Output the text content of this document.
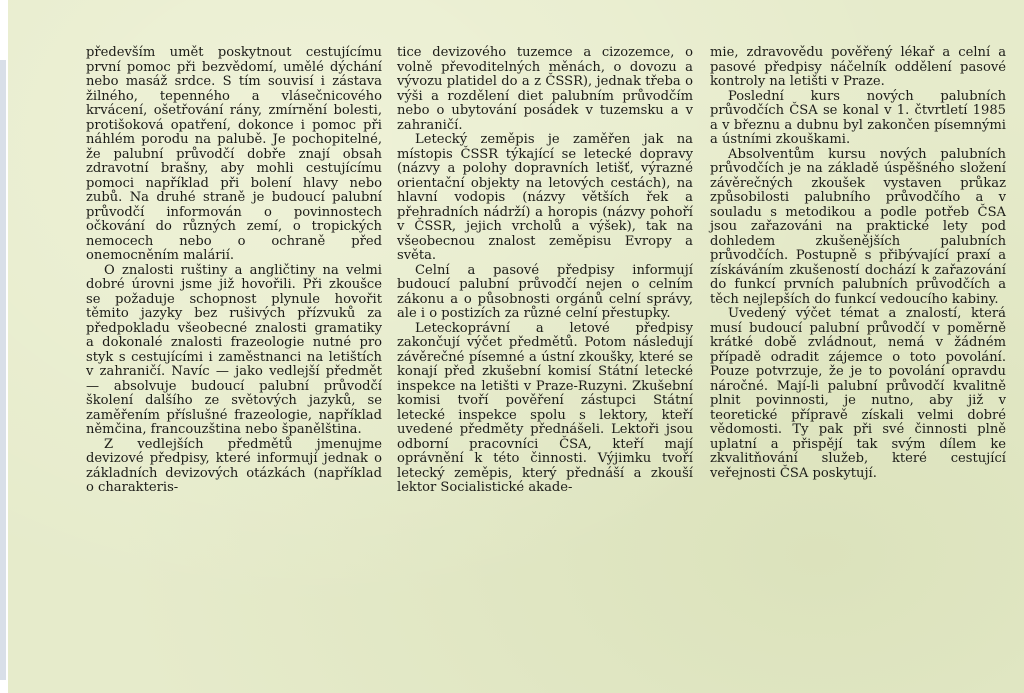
především umět poskytnout cestujícímu první pomoc při bezvědomí, umělé dýchání nebo masáž srdce. S tím souvisí i zástava žilného, tepenného a vlásečnicového krvácení, ošetřování rány, zmírnění bolesti, protišoková opatření, dokonce i pomoc při náhlém porodu na palubě. Je pochopitelné, že palubní průvodčí dobře znají obsah zdravotní brašny, aby mohli cestujícímu pomoci například při bolení hlavy nebo zubů. Na druhé straně je budoucí palubní průvodčí informován o povinnostech očkování do různých zemí, o tropických nemocech nebo o ochraně před onemocněním malárií.

O znalosti ruštiny a angličtiny na velmi dobré úrovni jsme již hovořili. Při zkoušce se požaduje schopnost plynule hovořit těmito jazyky bez rušivých přízvuků za předpokladu všeobecné znalosti gramatiky a dokonalé znalosti frazeologie nutné pro styk s cestujícími i zaměstnanci na letištích v zahraničí. Navíc — jako vedlejší předmět — absolvuje budoucí palubní průvodčí školení dalšího ze světových jazyků, se zaměřením příslušné frazeologie, například němčina, francouzština nebo španělština.

Z vedlejších předmětů jmenujme devizové předpisy, které informují jednak o základních devizových otázkách (například o charakteris-

tice devizového tuzemce a cizozemce, o volně převoditelných měnách, o dovozu a vývozu platidel do a z ČSSR), jednak třeba o výši a rozdělení diet palubním průvodčím nebo o ubytování posádek v tuzemsku a v zahraničí.

Letecký zeměpis je zaměřen jak na místopis ČSSR týkající se letecké dopravy (názvy a polohy dopravních letišť, výrazné orientační objekty na letových cestách), na hlavní vodopis (názvy větších řek a přehradních nádrží) a horopis (názvy pohoří v ČSSR, jejich vrcholů a výšek), tak na všeobecnou znalost zeměpisu Evropy a světa.

Celní a pasové předpisy informují budoucí palubní průvodčí nejen o celním zákonu a o působnosti orgánů celní správy, ale i o postizích za různé celní přestupky.

Leteckoprávní a letové předpisy zakončují výčet předmětů. Potom následují závěrečné písemné a ústní zkoušky, které se konají před zkušební komisí Státní letecké inspekce na letišti v Praze-Ruzyni. Zkušební komisi tvoří pověření zástupci Státní letecké inspekce spolu s lektory, kteří uvedené předměty přednášeli. Lektoři jsou odborní pracovníci ČSA, kteří mají oprávnění k této činnosti. Výjimku tvoří letecký zeměpis, který přednáší a zkouší lektor Socialistické akade-

mie, zdravovědu pověřený lékař a celní a pasové předpisy náčelník oddělení pasové kontroly na letišti v Praze.

Poslední kurs nových palubních průvodčích ČSA se konal v 1. čtvrtletí 1985 a v březnu a dubnu byl zakončen písemnými a ústními zkouškami.

Absolventům kursu nových palubních průvodčích je na základě úspěšného složení závěrečných zkoušek vystaven průkaz způsobilosti palubního průvodčího a v souladu s metodikou a podle potřeb ČSA jsou zařazováni na praktické lety pod dohledem zkušenějších palubních průvodčích. Postupně s přibývající praxí a získáváním zkušeností dochází k zařazování do funkcí prvních palubních průvodčích a těch nejlepších do funkcí vedoucího kabiny.

Uvedený výčet témat a znalostí, která musí budoucí palubní průvodčí v poměrně krátké době zvládnout, nemá v žádném případě odradit zájemce o toto povolání. Pouze potvrzuje, že je to povolání opravdu náročné. Mají-li palubní průvodčí kvalitně plnit povinnosti, je nutno, aby již v teoretické přípravě získali velmi dobré vědomosti. Ty pak při své činnosti plně uplatní a přispějí tak svým dílem ke zkvalitňování služeb, které cestující veřejnosti ČSA poskytují.
